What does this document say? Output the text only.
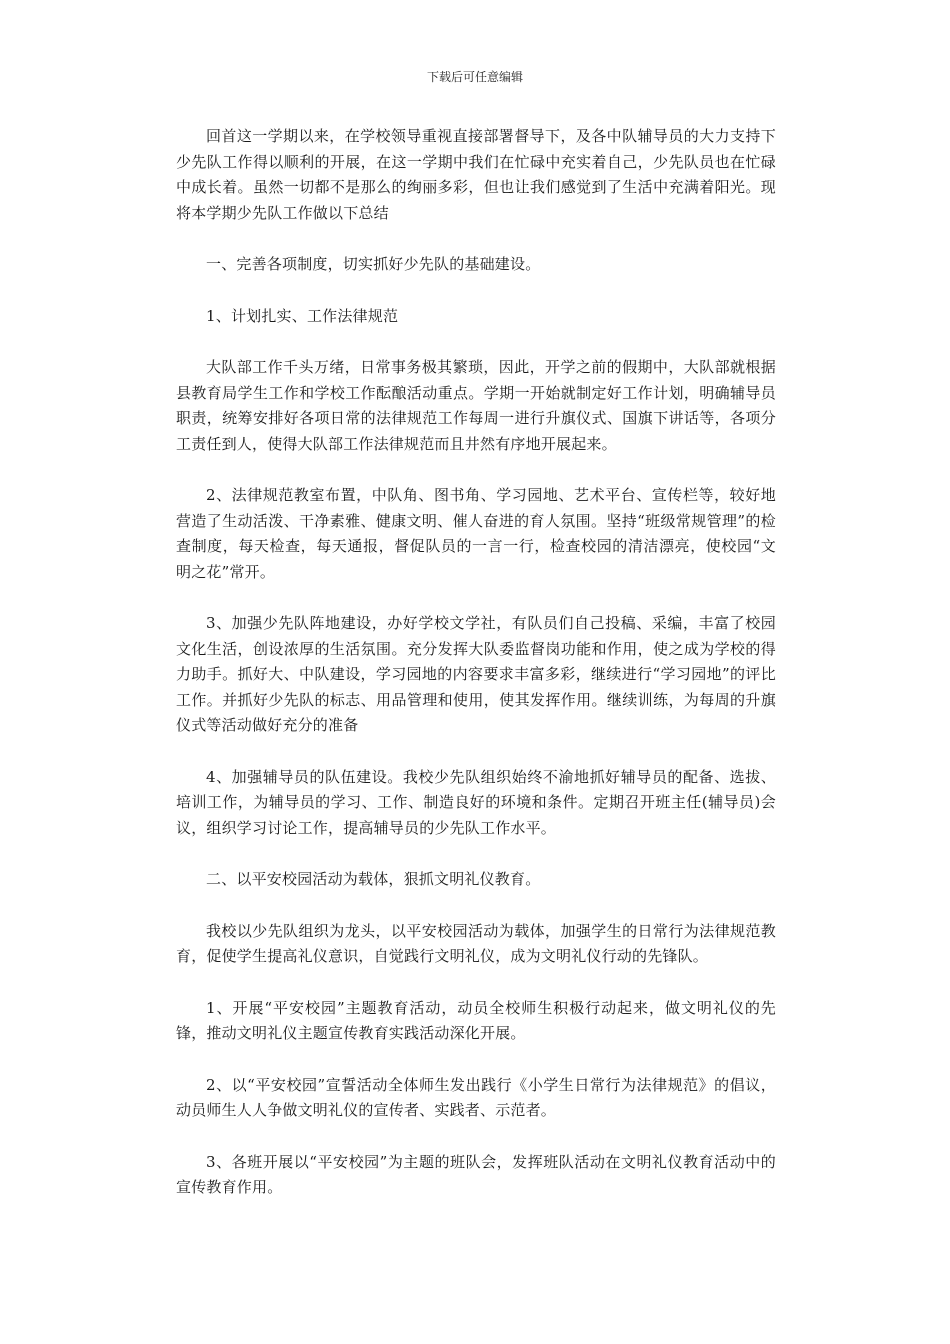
下载后可任意编辑

回首这一学期以来，在学校领导重视直接部署督导下，及各中队辅导员的大力支持下少先队工作得以顺利的开展，在这一学期中我们在忙碌中充实着自己，少先队员也在忙碌中成长着。虽然一切都不是那么的绚丽多彩，但也让我们感觉到了生活中充满着阳光。现将本学期少先队工作做以下总结

一、完善各项制度，切实抓好少先队的基础建设。

1、计划扎实、工作法律规范

大队部工作千头万绪，日常事务极其繁琐，因此，开学之前的假期中，大队部就根据县教育局学生工作和学校工作酝酿活动重点。学期一开始就制定好工作计划，明确辅导员职责，统筹安排好各项日常的法律规范工作每周一进行升旗仪式、国旗下讲话等，各项分工责任到人，使得大队部工作法律规范而且井然有序地开展起来。

2、法律规范教室布置，中队角、图书角、学习园地、艺术平台、宣传栏等，较好地营造了生动活泼、干净素雅、健康文明、催人奋进的育人氛围。坚持“班级常规管理”的检查制度，每天检查，每天通报，督促队员的一言一行，检查校园的清洁漂亮，使校园“文明之花”常开。

3、加强少先队阵地建设，办好学校文学社，有队员们自己投稿、采编，丰富了校园文化生活，创设浓厚的生活氛围。充分发挥大队委监督岗功能和作用，使之成为学校的得力助手。抓好大、中队建设，学习园地的内容要求丰富多彩，继续进行“学习园地”的评比工作。并抓好少先队的标志、用品管理和使用，使其发挥作用。继续训练，为每周的升旗仪式等活动做好充分的准备

4、加强辅导员的队伍建设。我校少先队组织始终不渝地抓好辅导员的配备、选拔、培训工作，为辅导员的学习、工作、制造良好的环境和条件。定期召开班主任(辅导员)会议，组织学习讨论工作，提高辅导员的少先队工作水平。

二、以平安校园活动为载体，狠抓文明礼仪教育。

我校以少先队组织为龙头，以平安校园活动为载体，加强学生的日常行为法律规范教育，促使学生提高礼仪意识，自觉践行文明礼仪，成为文明礼仪行动的先锋队。

1、开展“平安校园”主题教育活动，动员全校师生积极行动起来，做文明礼仪的先锋，推动文明礼仪主题宣传教育实践活动深化开展。

2、以“平安校园”宣誓活动全体师生发出践行《小学生日常行为法律规范》的倡议，动员师生人人争做文明礼仪的宣传者、实践者、示范者。

3、各班开展以“平安校园”为主题的班队会，发挥班队活动在文明礼仪教育活动中的宣传教育作用。
